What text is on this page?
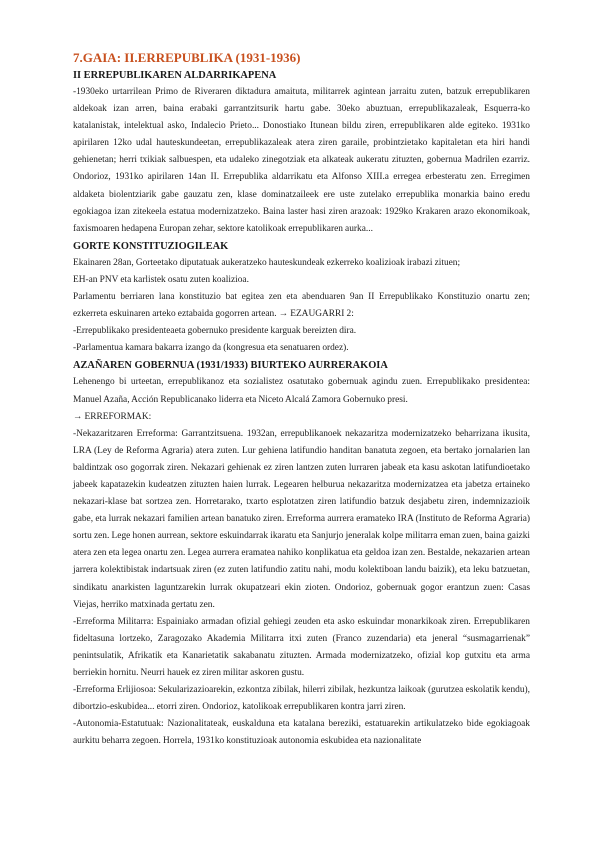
7.GAIA: II.ERREPUBLIKA (1931-1936)
II ERREPUBLIKAREN ALDARRIKAPENA

-1930eko urtarrilean Primo de Riveraren diktadura amaituta, militarrek agintean jarraitu zuten, batzuk errepublikaren aldekoak izan arren, baina erabaki garrantzitsurik hartu gabe. 30eko abuztuan, errepublikazaleak, Esquerra-ko katalanistak, intelektual asko, Indalecio Prieto... Donostiako Itunean bildu ziren, errepublikaren alde egiteko. 1931ko apirilaren 12ko udal hauteskundeetan, errepublikazaleak atera ziren garaile, probintzietako kapitaletan eta hiri handi gehienetan; herri txikiak salbuespen, eta udaleko zinegotziak eta alkateak aukeratu zituzten, gobernua Madrilen ezarriz. Ondorioz, 1931ko apirilaren 14an II. Errepublika aldarrikatu eta Alfonso XIII.a erregea erbesteratu zen. Erregimen aldaketa biolentziarik gabe gauzatu zen, klase dominatzaileek ere uste zutelako errepublika monarkia baino eredu egokiagoa izan zitekeela estatua modernizatzeko. Baina laster hasi ziren arazoak: 1929ko Krakaren arazo ekonomikoak, faxismoaren hedapena Europan zehar, sektore katolikoak errepublikaren aurka...

GORTE KONSTITUZIOGILEAK

Ekainaren 28an, Gorteetako diputatuak aukeratzeko hauteskundeak ezkerreko koalizioak irabazi zituen;

EH-an PNV eta karlistek osatu zuten koalizioa.

Parlamentu berriaren lana konstituzio bat egitea zen eta abenduaren 9an II Errepublikako Konstituzio onartu zen; ezkerreta eskuinaren arteko eztabaida gogorren artean. → EZAUGARRI 2:

-Errepublikako presidenteaeta gobernuko presidente karguak bereizten dira.

-Parlamentua kamara bakarra izango da (kongresua eta senatuaren ordez).

AZAÑAREN GOBERNUA (1931/1933) BIURTEKO AURRERAKOIA

Lehenengo bi urteetan, errepublikanoz eta sozialistez osatutako gobernuak agindu zuen. Errepublikako presidentea: Manuel Azaña, Acción Republicanako liderra eta Niceto Alcalá Zamora Gobernuko presi.

→ ERREFORMAK:

-Nekazaritzaren Erreforma: Garrantzitsuena. 1932an, errepublikanoek nekazaritza modernizatzeko beharrizana ikusita, LRA (Ley de Reforma Agraria) atera zuten. Lur gehiena latifundio handitan banatuta zegoen, eta bertako jornalarien lan baldintzak oso gogorrak ziren. Nekazari gehienak ez ziren lantzen zuten lurraren jabeak eta kasu askotan latifundioetako jabeek kapatazekin kudeatzen zituzten haien lurrak. Legearen helburua nekazaritza modernizatzea eta jabetza ertaineko nekazari-klase bat sortzea zen. Horretarako, txarto esplotatzen ziren latifundio batzuk desjabetu ziren, indemnizazioik gabe, eta lurrak nekazari familien artean banatuko ziren. Erreforma aurrera eramateko IRA (Instituto de Reforma Agraria) sortu zen. Lege honen aurrean, sektore eskuindarrak ikaratu eta Sanjurjo jeneralak kolpe militarra eman zuen, baina gaizki atera zen eta legea onartu zen. Legea aurrera eramatea nahiko konplikatua eta geldoa izan zen. Bestalde, nekazarien artean jarrera kolektibistak indartsuak ziren (ez zuten latifundio zatitu nahi, modu kolektiboan landu baizik), eta leku batzuetan, sindikatu anarkisten laguntzarekin lurrak okupatzeari ekin zioten. Ondorioz, gobernuak gogor erantzun zuen: Casas Viejas, herriko matxinada gertatu zen.

-Erreforma Militarra: Espainiako armadan ofizial gehiegi zeuden eta asko eskuindar monarkikoak ziren. Errepublikaren fideltasuna lortzeko, Zaragozako Akademia Militarra itxi zuten (Franco zuzendaria) eta jeneral “susmagarrienak” penintsulatik, Afrikatik eta Kanarietatik sakabanatu zituzten. Armada modernizatzeko, ofizial kop gutxitu eta arma berriekin hornitu. Neurri hauek ez ziren militar askoren gustu.

-Erreforma Erlijiosoa: Sekularizazioarekin, ezkontza zibilak, hilerri zibilak, hezkuntza laikoak (gurutzea eskolatik kendu), dibortzio-eskubidea... etorri ziren. Ondorioz, katolikoak errepublikaren kontra jarri ziren.

-Autonomia-Estatutuak: Nazionalitateak, euskalduna eta katalana bereziki, estatuarekin artikulatzeko bide egokiagoak aurkitu beharra zegoen. Horrela, 1931ko konstituzioak autonomia eskubidea eta nazionalitate
